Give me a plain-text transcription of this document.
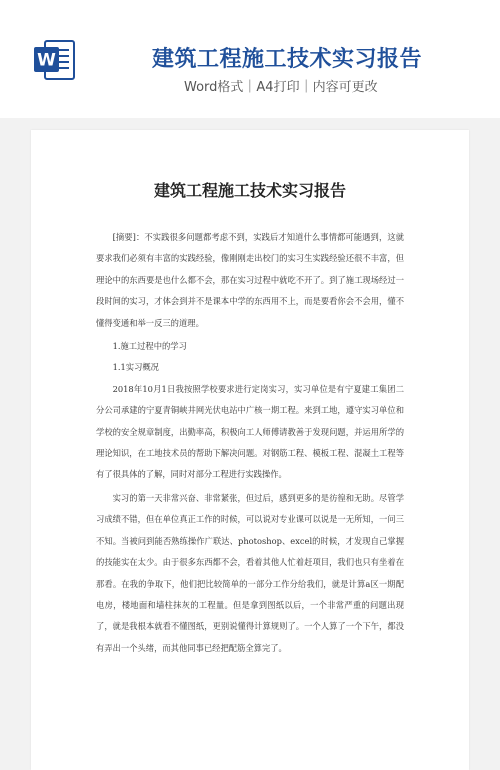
W	建筑工程施工技术实习报告
Word格式｜A4打印｜内容可更改
建筑工程施工技术实习报告

[摘要]：不实践很多问题都考虑不到，实践后才知道什么事情都可能遇到，这就要求我们必须有丰富的实践经验，像刚刚走出校门的实习生实践经验还很不丰富，但理论中的东西要是也什么都不会，那在实习过程中就吃不开了。到了施工现场经过一段时间的实习，才体会到并不是课本中学的东西用不上，而是要看你会不会用，懂不懂得变通和举一反三的道理。

1.施工过程中的学习

1.1实习概况

2018年10月1日我按照学校要求进行定岗实习，实习单位是有宁夏建工集团二分公司承建的宁夏青铜峡井网光伏电站中广核一期工程。来到工地，遵守实习单位和学校的安全规章制度，出勤率高，积极向工人师傅请教善于发现问题，并运用所学的理论知识，在工地技术员的帮助下解决问题。对钢筋工程、模板工程、混凝土工程等有了很具体的了解，同时对部分工程进行实践操作。

实习的第一天非常兴奋、非常紧张，但过后，感到更多的是彷徨和无助。尽管学习成绩不错，但在单位真正工作的时候，可以说对专业课可以说是一无所知，一问三不知。当被问到能否熟练操作广联达、photoshop、excel的时候，才发现自己掌握的技能实在太少。由于很多东西都不会，看着其他人忙着赶项目，我们也只有坐着在那看。在我的争取下，他们把比较简单的一部分工作分给我们，就是计算a区一期配电房，楼地面和墙柱抹灰的工程量。但是拿到图纸以后，一个非常严重的问题出现了，就是我根本就看不懂图纸，更别说懂得计算规则了。一个人算了一个下午，都没有弄出一个头绪，而其他同事已经把配筋全算完了。
